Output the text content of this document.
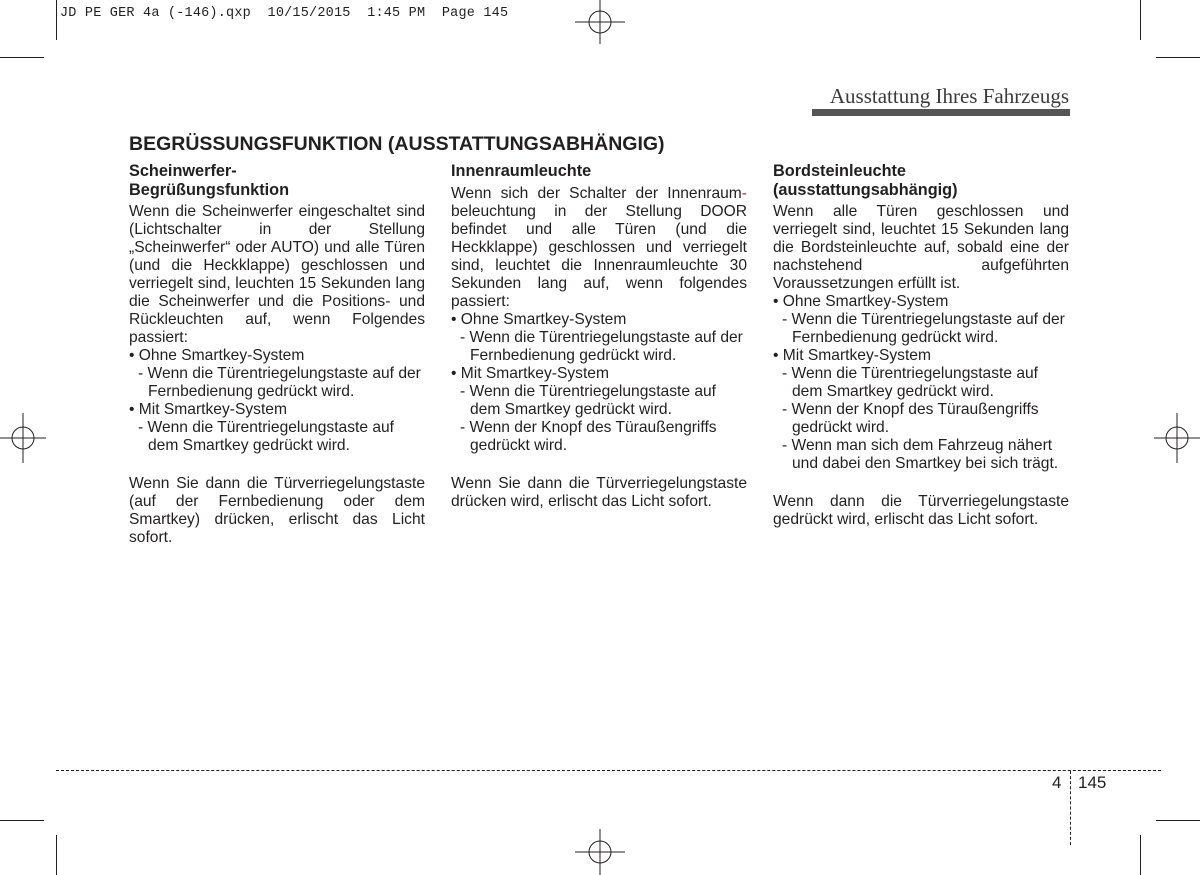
JD PE GER 4a (-146).qxp  10/15/2015  1:45 PM  Page 145
Ausstattung Ihres Fahrzeugs
BEGRÜSSUNGSFUNKTION (AUSSTATTUNGSABHÄNGIG)
Scheinwerfer-
Begrüßungsfunktion

Wenn die Scheinwerfer eingeschaltet sind (Lichtschalter in der Stellung „Scheinwerfer“ oder AUTO) und alle Türen (und die Heckklappe) geschlossen und verriegelt sind, leuchten 15 Sekunden lang die Scheinwerfer und die Positions- und Rückleuchten auf, wenn Folgendes passiert:

• Ohne Smartkey-System
- Wenn die Türentriegelungstaste auf der Fernbedienung gedrückt wird.
• Mit Smartkey-System
- Wenn die Türentriegelungstaste auf dem Smartkey gedrückt wird.

Wenn Sie dann die Türverriegelungstaste (auf der Fernbedienung oder dem Smartkey) drücken, erlischt das Licht sofort.

Innenraumleuchte

Wenn sich der Schalter der Innenraum- beleuchtung in der Stellung DOOR befindet und alle Türen (und die Heckklappe) geschlossen und verriegelt sind, leuchtet die Innenraumleuchte 30 Sekunden lang auf, wenn folgendes passiert:

• Ohne Smartkey-System
- Wenn die Türentriegelungstaste auf der Fernbedienung gedrückt wird.
• Mit Smartkey-System
- Wenn die Türentriegelungstaste auf dem Smartkey gedrückt wird.
- Wenn der Knopf des Türaußengriffs gedrückt wird.

Wenn Sie dann die Türverriegelungstaste drücken wird, erlischt das Licht sofort.

Bordsteinleuchte
(ausstattungsabhängig)

Wenn alle Türen geschlossen und verriegelt sind, leuchtet 15 Sekunden lang die Bordsteinleuchte auf, sobald eine der nachstehend aufgeführten Voraussetzungen erfüllt ist.

• Ohne Smartkey-System
- Wenn die Türentriegelungstaste auf der Fernbedienung gedrückt wird.
• Mit Smartkey-System
- Wenn die Türentriegelungstaste auf dem Smartkey gedrückt wird.
- Wenn der Knopf des Türaußengriffs gedrückt wird.
- Wenn man sich dem Fahrzeug nähert und dabei den Smartkey bei sich trägt.

Wenn dann die Türverriegelungstaste gedrückt wird, erlischt das Licht sofort.

4 145
